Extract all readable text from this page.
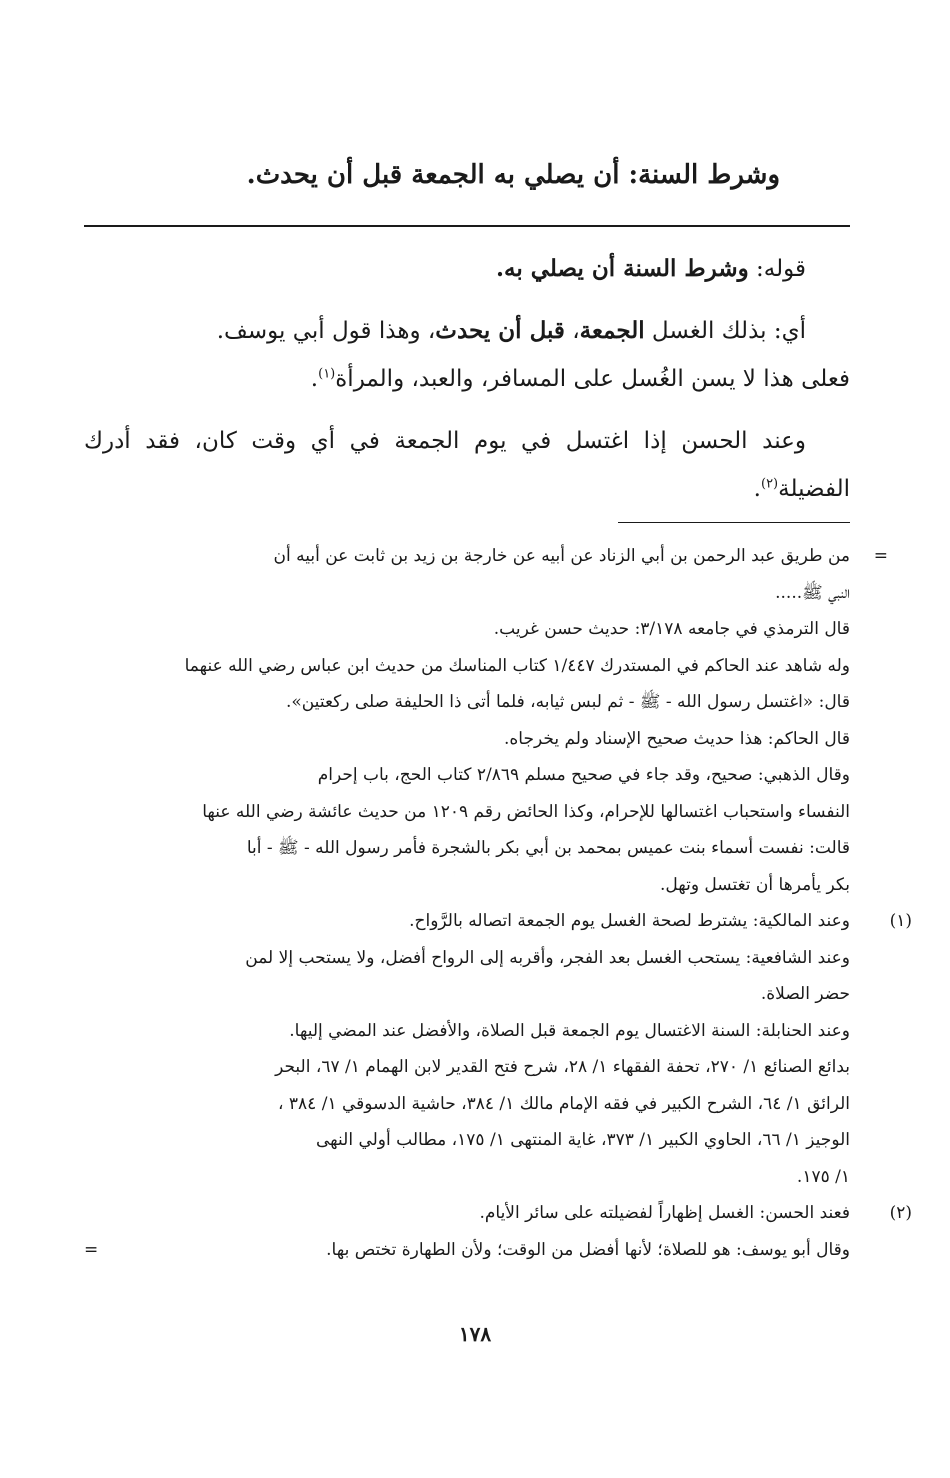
وشرط السنة: أن يصلي به الجمعة قبل أن يحدث.

قوله: وشرط السنة أن يصلي به.

أي: بذلك الغسل الجمعة، قبل أن يحدث، وهذا قول أبي يوسف.

فعلى هذا لا يسن الغُسل على المسافر، والعبد، والمرأة$^{(١)}$.

وعند الحسن إذا اغتسل في يوم الجمعة في أي وقت كان، فقد أدرك الفضيلة$^{(٢)}$.

=
من طريق عبد الرحمن بن أبي الزناد عن أبيه عن خارجة بن زيد بن ثابت عن أبيه أن
النبي ﷺ.....
قال الترمذي في جامعه ٣/١٧٨: حديث حسن غريب.
وله شاهد عند الحاكم في المستدرك ١/٤٤٧ كتاب المناسك من حديث ابن عباس رضي الله عنهما
قال: «اغتسل رسول الله - ﷺ - ثم لبس ثيابه، فلما أتى ذا الحليفة صلى ركعتين».
قال الحاكم: هذا حديث صحيح الإسناد ولم يخرجاه.
وقال الذهبي: صحيح، وقد جاء في صحيح مسلم ٢/٨٦٩ كتاب الحج، باب إحرام
النفساء واستحباب اغتسالها للإحرام، وكذا الحائض رقم ١٢٠٩ من حديث عائشة رضي الله عنها
قالت: نفست أسماء بنت عميس بمحمد بن أبي بكر بالشجرة فأمر رسول الله - ﷺ - أبا
بكر يأمرها أن تغتسل وتهل.
(١)
وعند المالكية: يشترط لصحة الغسل يوم الجمعة اتصاله بالرَّواح.
وعند الشافعية: يستحب الغسل بعد الفجر، وأقربه إلى الرواح أفضل، ولا يستحب إلا لمن
حضر الصلاة.
وعند الحنابلة: السنة الاغتسال يوم الجمعة قبل الصلاة، والأفضل عند المضي إليها.
بدائع الصنائع ١/ ٢٧٠، تحفة الفقهاء ١/ ٢٨، شرح فتح القدير لابن الهمام ١/ ٦٧، البحر
الرائق ١/ ٦٤، الشرح الكبير في فقه الإمام مالك ١/ ٣٨٤، حاشية الدسوقي ١/ ٣٨٤ ،
الوجيز ١/ ٦٦، الحاوي الكبير ١/ ٣٧٣، غاية المنتهى ١/ ١٧٥، مطالب أولي النهى
١/ ١٧٥.
(٢)
فعند الحسن: الغسل إظهاراً لفضيلته على سائر الأيام.
وقال أبو يوسف: هو للصلاة؛ لأنها أفضل من الوقت؛ ولأن الطهارة تختص بها.
=
١٧٨
